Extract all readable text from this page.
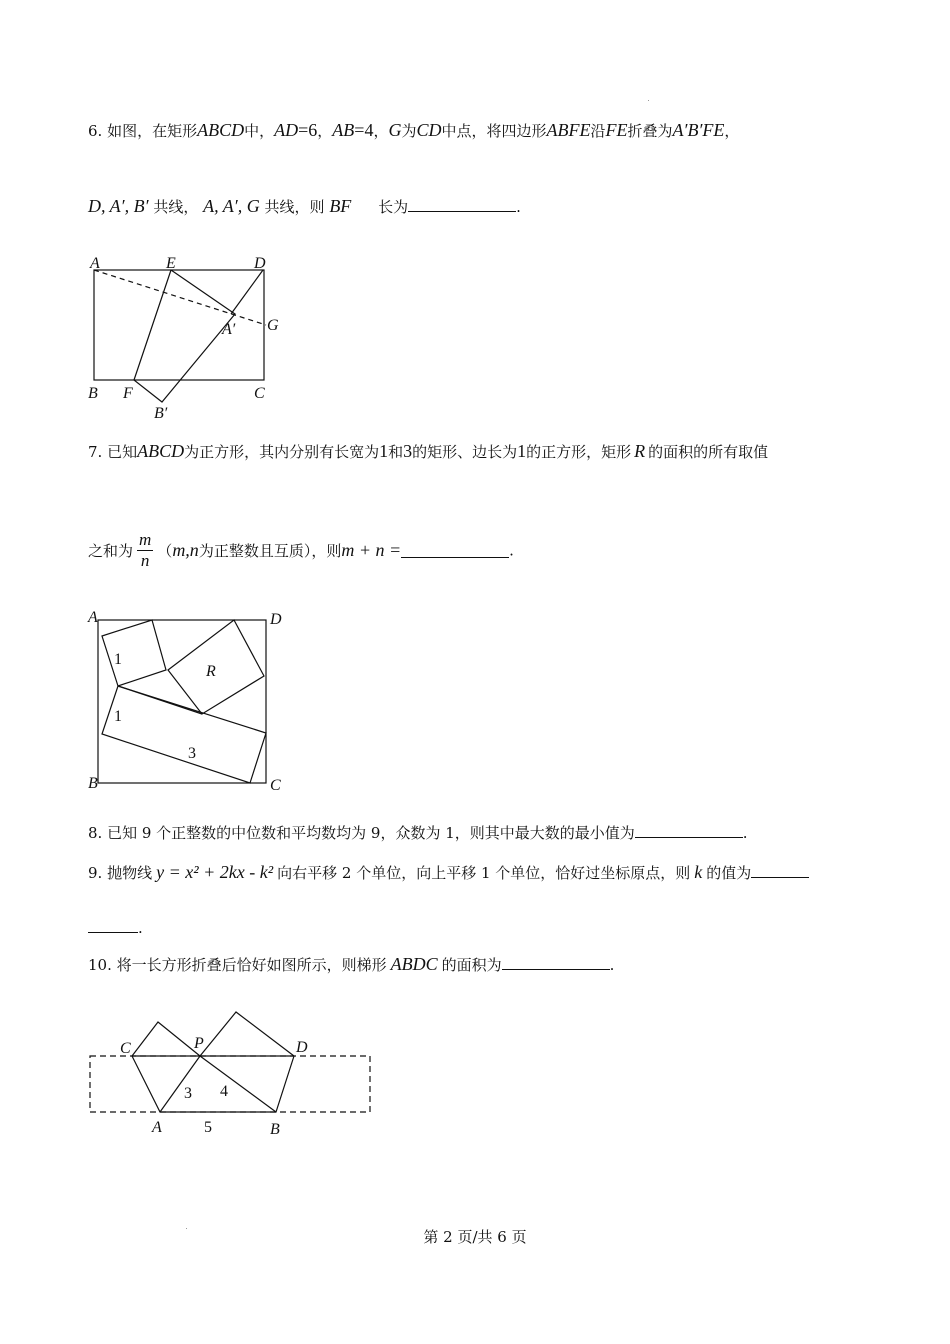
6. 如图，在矩形ABCD中，AD=6，AB=4，G为CD中点，将四边形ABFE沿FE折叠为A′B′FE，
D, A′, B′ 共线， A, A′, G 共线，则 BF 长为	.
A	E	D
A′ G
B F	C
B′
7. 已知ABCD为正方形，其内分别有长宽为1和3的矩形、边长为1的正方形，矩形 R 的面积的所有取值
之和为 $\frac{m}{n} (m,n$为正整数且互质），则m + n =	.
1
1
3
R
A	D
B	C
8. 已知 9 个正整数的中位数和平均数均为 9，众数为 1，则其中最大数的最小值为	.
9. 抛物线 y = x² + 2kx - k² 向右平移 2 个单位，向上平移 1 个单位，恰好过坐标原点，则 k 的值为
.
10. 将一长方形折叠后恰好如图所示，则梯形 ABDC 的面积为	.
C	P	D
3 4
A	5	B
第 2 页/共 6 页
